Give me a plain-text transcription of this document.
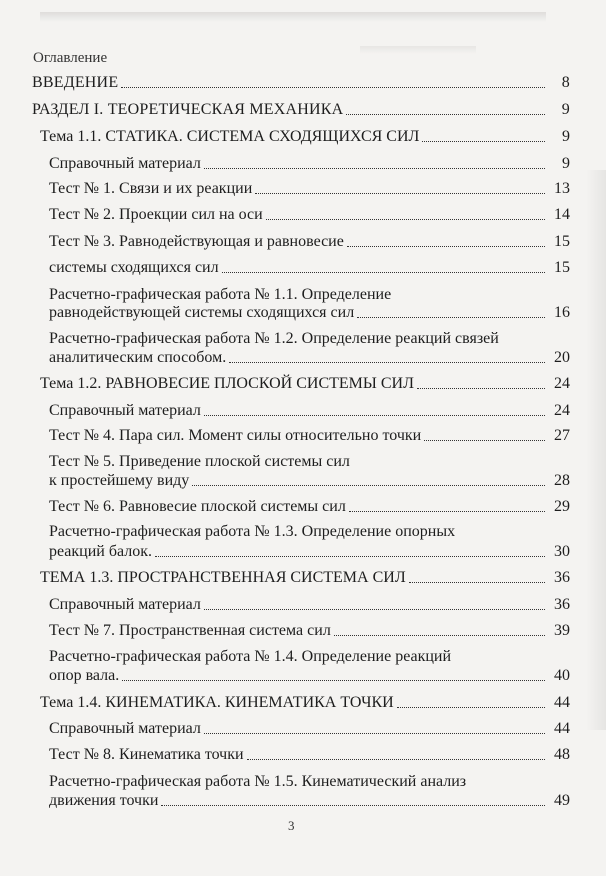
Оглавление
ВВЕДЕНИЕ	8
РАЗДЕЛ I. ТЕОРЕТИЧЕСКАЯ МЕХАНИКА	9
Тема 1.1. СТАТИКА. СИСТЕМА СХОДЯЩИХСЯ СИЛ	9
Справочный материал	9
Тест № 1. Связи и их реакции	13
Тест № 2. Проекции сил на оси	14
Тест № 3. Равнодействующая и равновесие	15
системы сходящихся сил	15
Расчетно-графическая работа № 1.1. Определение
равнодействующей системы сходящихся сил	16
Расчетно-графическая работа № 1.2. Определение реакций связей
аналитическим способом.	20
Тема 1.2. РАВНОВЕСИЕ ПЛОСКОЙ СИСТЕМЫ СИЛ	24
Справочный материал	24
Тест № 4. Пара сил. Момент силы относительно точки	27
Тест № 5. Приведение плоской системы сил
к простейшему виду	28
Тест № 6. Равновесие плоской системы сил	29
Расчетно-графическая работа № 1.3. Определение опорных
реакций балок.	30
ТЕМА 1.3. ПРОСТРАНСТВЕННАЯ СИСТЕМА СИЛ	36
Справочный материал	36
Тест № 7. Пространственная система сил	39
Расчетно-графическая работа № 1.4. Определение реакций
опор вала.	40
Тема 1.4. КИНЕМАТИКА. КИНЕМАТИКА ТОЧКИ	44
Справочный материал	44
Тест № 8. Кинематика точки	48
Расчетно-графическая работа № 1.5. Кинематический анализ
движения точки	49
3
